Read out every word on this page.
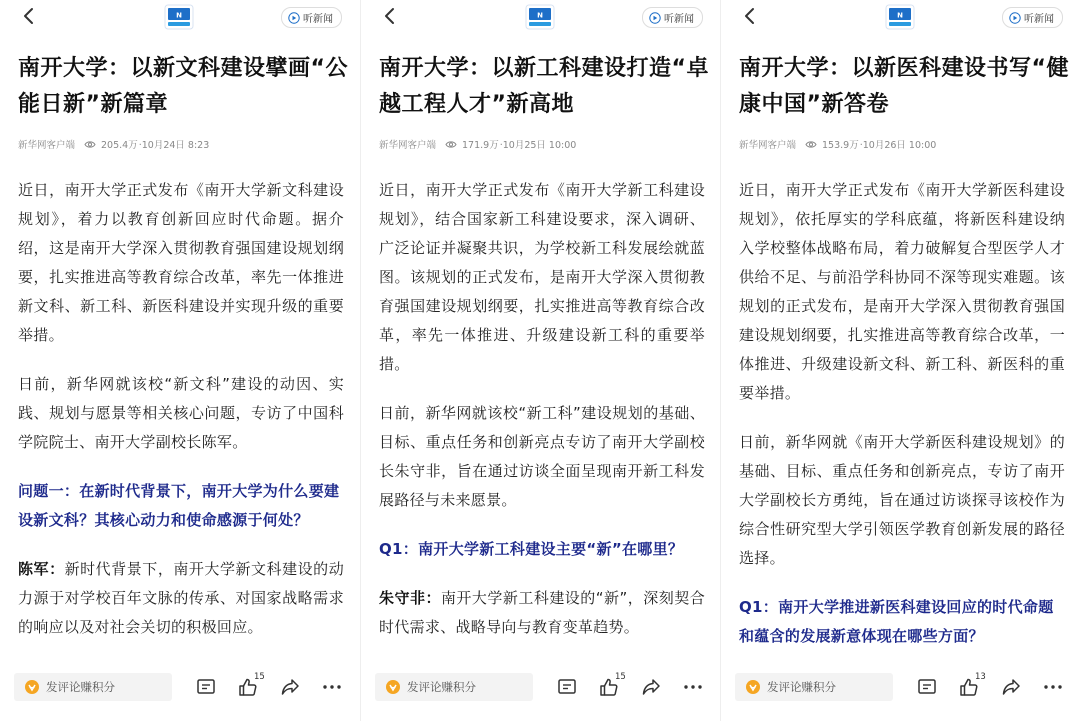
N	听新闻
南开大学：以新文科建设擘画“公能日新”新篇章
新华网客户端	205.4万 ·10月24日 8:23

近日，南开大学正式发布《南开大学新文科建设规划》，着力以教育创新回应时代命题。据介绍，这是南开大学深入贯彻教育强国建设规划纲要，扎实推进高等教育综合改革，率先一体推进新文科、新工科、新医科建设并实现升级的重要举措。

日前，新华网就该校“新文科”建设的动因、实践、规划与愿景等相关核心问题，专访了中国科学院院士、南开大学副校长陈军。

问题一：在新时代背景下，南开大学为什么要建设新文科？其核心动力和使命感源于何处？

陈军：新时代背景下，南开大学新文科建设的动力源于对学校百年文脉的传承、对国家战略需求的响应以及对社会关切的积极回应。

发评论赚积分
15
N	听新闻
南开大学：以新工科建设打造“卓越工程人才”新高地
新华网客户端	171.9万 ·10月25日 10:00

近日，南开大学正式发布《南开大学新工科建设规划》，结合国家新工科建设要求，深入调研、广泛论证并凝聚共识，为学校新工科发展绘就蓝图。该规划的正式发布，是南开大学深入贯彻教育强国建设规划纲要，扎实推进高等教育综合改革，率先一体推进、升级建设新工科的重要举措。

日前，新华网就该校“新工科”建设规划的基础、目标、重点任务和创新亮点专访了南开大学副校长朱守非，旨在通过访谈全面呈现南开新工科发展路径与未来愿景。

Q1：南开大学新工科建设主要“新”在哪里？

朱守非：南开大学新工科建设的“新”，深刻契合时代需求、战略导向与教育变革趋势。

发评论赚积分
15
N	听新闻
南开大学：以新医科建设书写“健康中国”新答卷
新华网客户端	153.9万 ·10月26日 10:00

近日，南开大学正式发布《南开大学新医科建设规划》，依托厚实的学科底蕴，将新医科建设纳入学校整体战略布局，着力破解复合型医学人才供给不足、与前沿学科协同不深等现实难题。该规划的正式发布，是南开大学深入贯彻教育强国建设规划纲要，扎实推进高等教育综合改革，一体推进、升级建设新文科、新工科、新医科的重要举措。

日前，新华网就《南开大学新医科建设规划》的基础、目标、重点任务和创新亮点，专访了南开大学副校长方勇纯，旨在通过访谈探寻该校作为综合性研究型大学引领医学教育创新发展的路径选择。

Q1：南开大学推进新医科建设回应的时代命题和蕴含的发展新意体现在哪些方面？

发评论赚积分
13
